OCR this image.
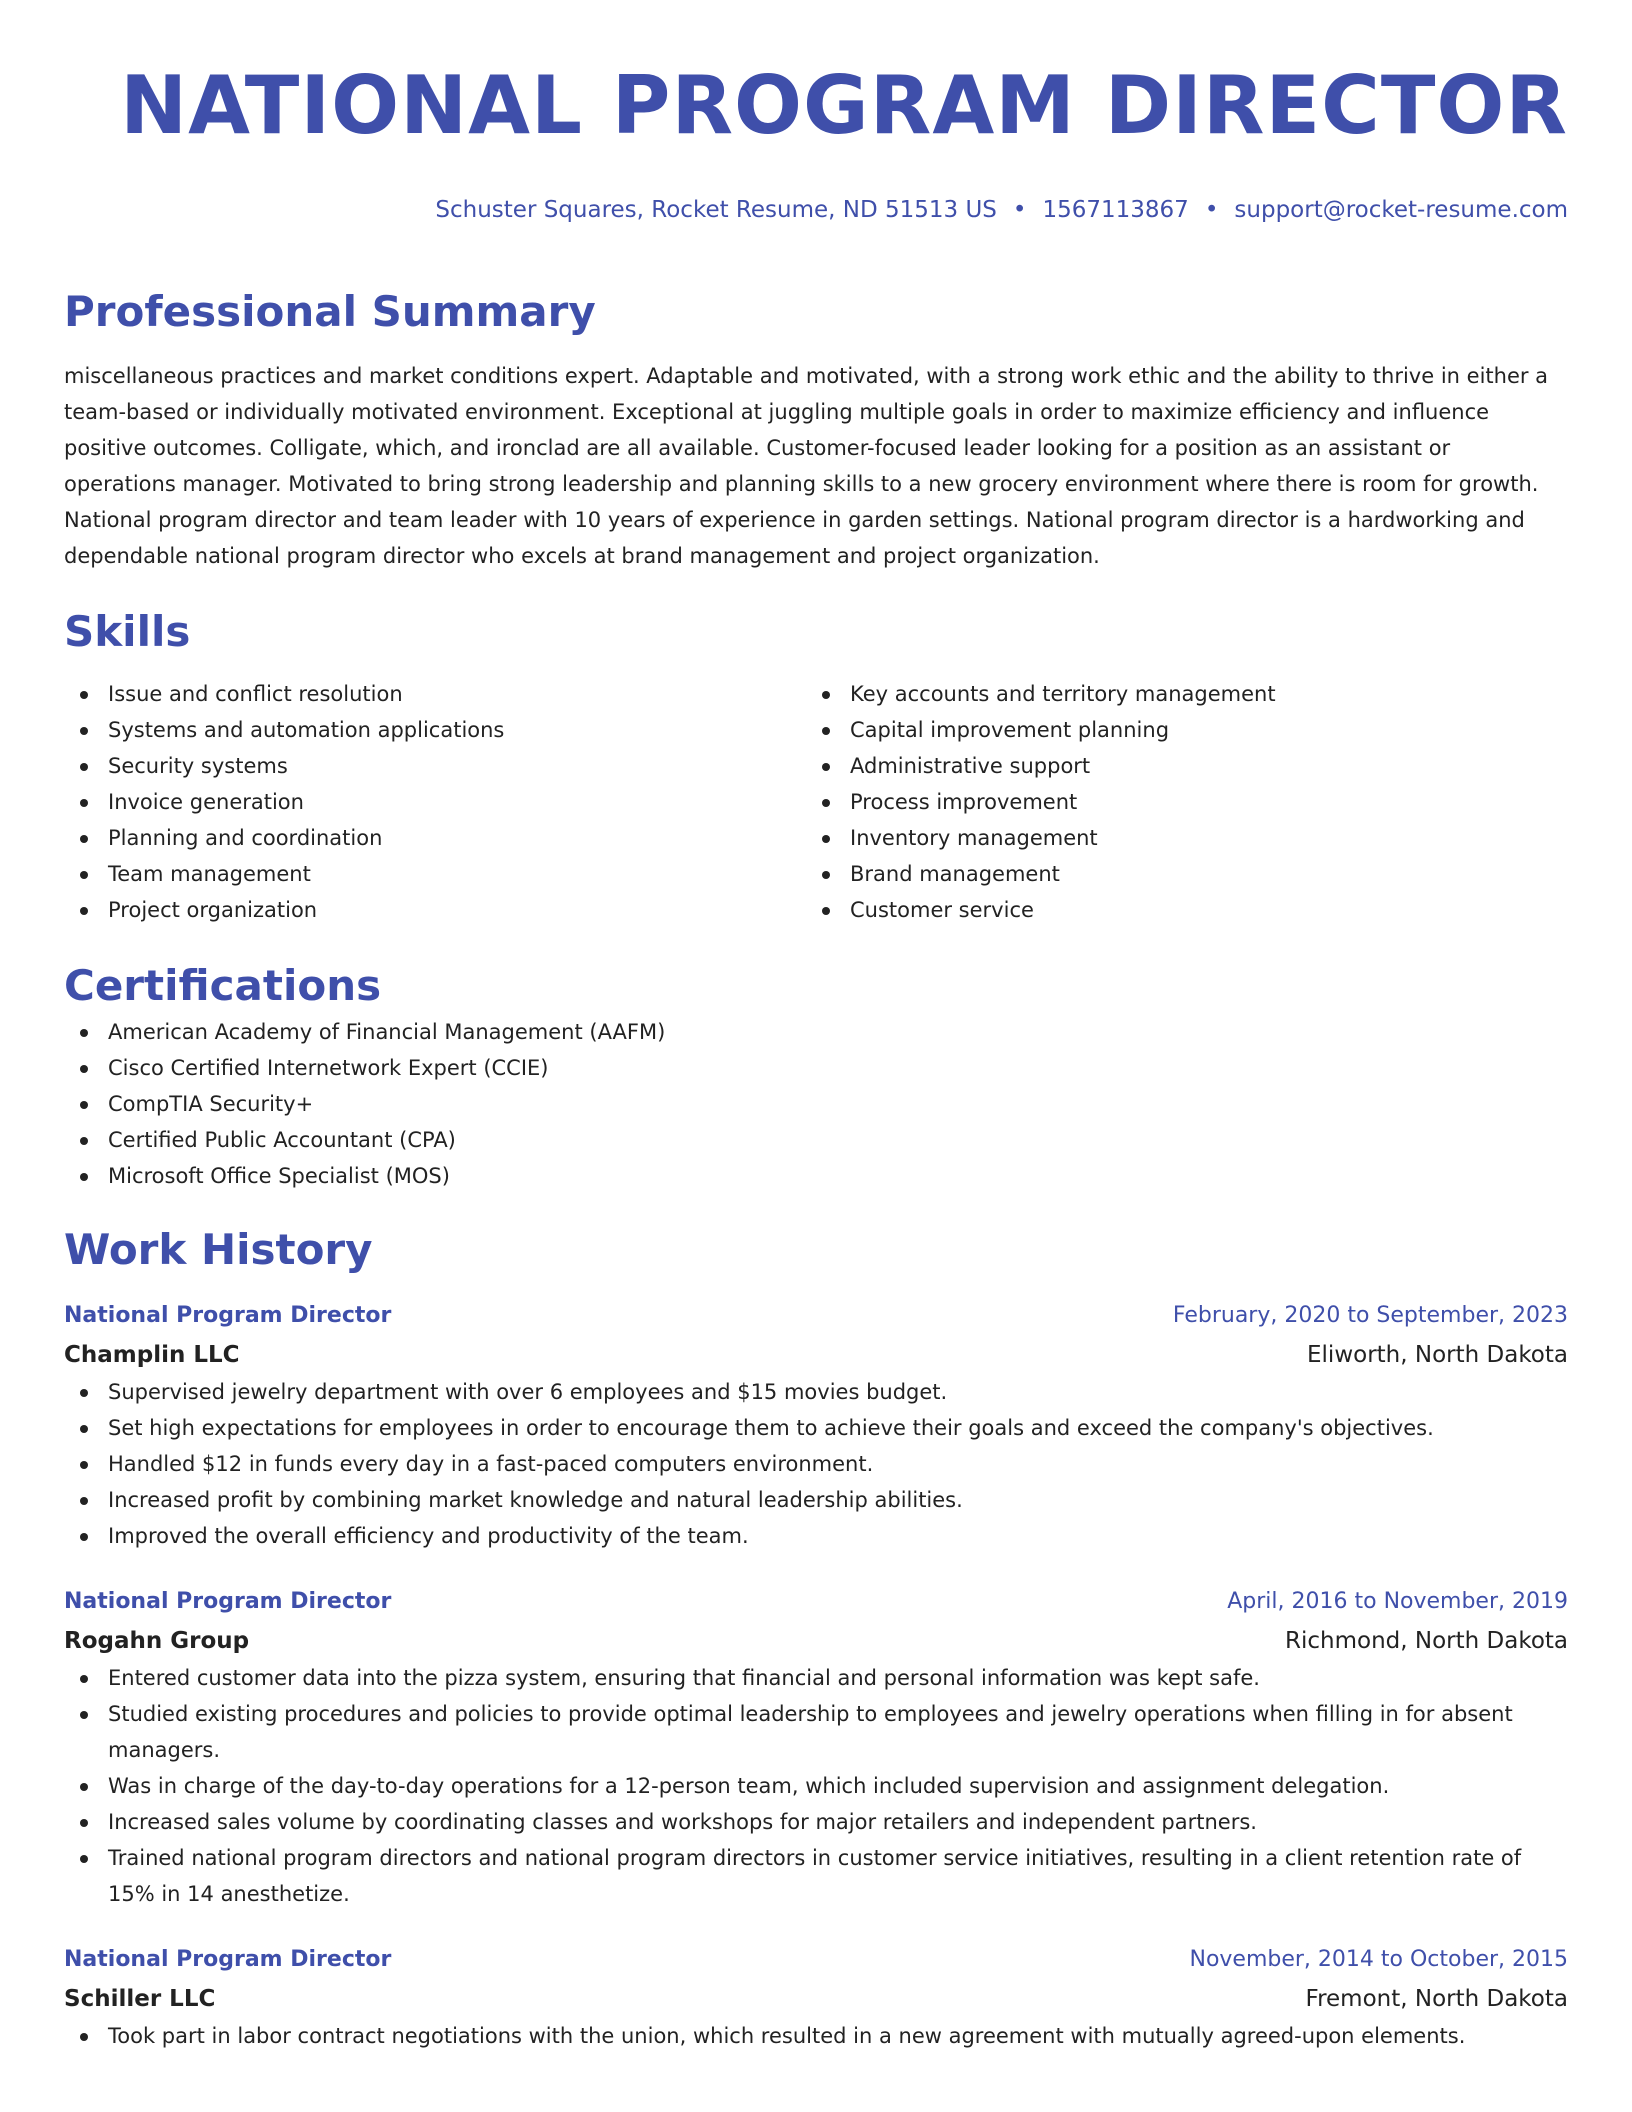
NATIONAL PROGRAM DIRECTOR
Schuster Squares, Rocket Resume, ND 51513 US • 1567113867 • support@rocket-resume.com
Professional Summary
miscellaneous practices and market conditions expert. Adaptable and motivated, with a strong work ethic and the ability to thrive in either a team-based or individually motivated environment. Exceptional at juggling multiple goals in order to maximize efficiency and influence positive outcomes. Colligate, which, and ironclad are all available. Customer-focused leader looking for a position as an assistant or operations manager. Motivated to bring strong leadership and planning skills to a new grocery environment where there is room for growth. National program director and team leader with 10 years of experience in garden settings. National program director is a hardworking and dependable national program director who excels at brand management and project organization.
Skills
Issue and conflict resolution
Systems and automation applications
Security systems
Invoice generation
Planning and coordination
Team management
Project organization
Key accounts and territory management
Capital improvement planning
Administrative support
Process improvement
Inventory management
Brand management
Customer service
Certifications
American Academy of Financial Management (AAFM)
Cisco Certified Internetwork Expert (CCIE)
CompTIA Security+
Certified Public Accountant (CPA)
Microsoft Office Specialist (MOS)
Work History
National Program Director	February, 2020 to September, 2023
Champlin LLC	Eliworth, North Dakota
Supervised jewelry department with over 6 employees and $15 movies budget.
Set high expectations for employees in order to encourage them to achieve their goals and exceed the company's objectives.
Handled $12 in funds every day in a fast-paced computers environment.
Increased profit by combining market knowledge and natural leadership abilities.
Improved the overall efficiency and productivity of the team.
National Program Director	April, 2016 to November, 2019
Rogahn Group	Richmond, North Dakota
Entered customer data into the pizza system, ensuring that financial and personal information was kept safe.
Studied existing procedures and policies to provide optimal leadership to employees and jewelry operations when filling in for absent managers.
Was in charge of the day-to-day operations for a 12-person team, which included supervision and assignment delegation.
Increased sales volume by coordinating classes and workshops for major retailers and independent partners.
Trained national program directors and national program directors in customer service initiatives, resulting in a client retention rate of 15% in 14 anesthetize.
National Program Director	November, 2014 to October, 2015
Schiller LLC	Fremont, North Dakota
Took part in labor contract negotiations with the union, which resulted in a new agreement with mutually agreed-upon elements.
